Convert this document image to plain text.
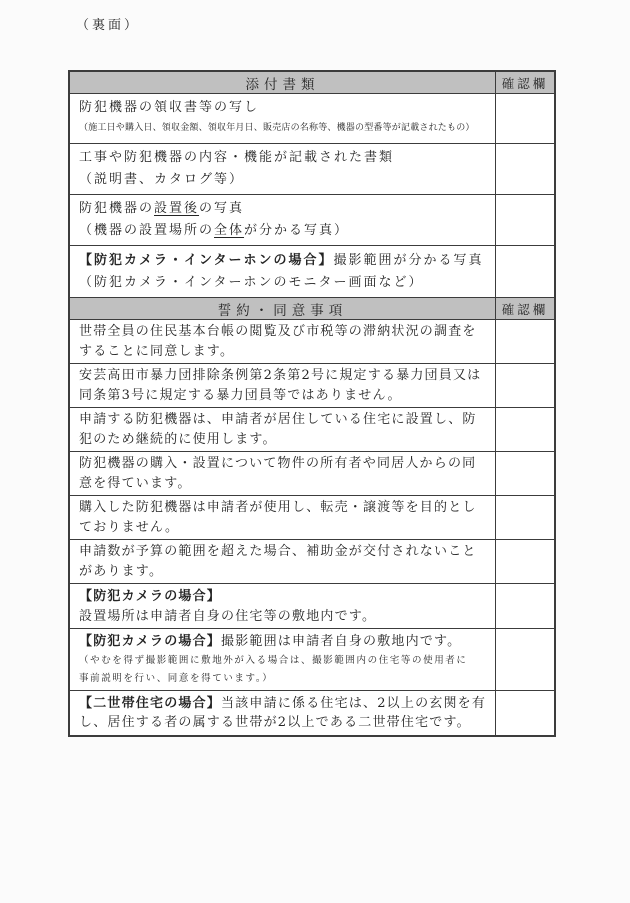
（裏面）
添付書類	確認欄
防犯機器の領収書等の写し
（施工日や購入日、領収金額、領収年月日、販売店の名称等、機器の型番等が記載されたもの）
工事や防犯機器の内容・機能が記載された書類
（説明書、カタログ等）
防犯機器の設置後の写真
（機器の設置場所の全体が分かる写真）
【防犯カメラ・インターホンの場合】撮影範囲が分かる写真
（防犯カメラ・インターホンのモニター画面など）
誓約・同意事項	確認欄
世帯全員の住民基本台帳の閲覧及び市税等の滞納状況の調査を
することに同意します。
安芸高田市暴力団排除条例第2条第2号に規定する暴力団員又は
同条第3号に規定する暴力団員等ではありません。
申請する防犯機器は、申請者が居住している住宅に設置し、防
犯のため継続的に使用します。
防犯機器の購入・設置について物件の所有者や同居人からの同
意を得ています。
購入した防犯機器は申請者が使用し、転売・譲渡等を目的とし
ておりません。
申請数が予算の範囲を超えた場合、補助金が交付されないこと
があります。
【防犯カメラの場合】
設置場所は申請者自身の住宅等の敷地内です。
【防犯カメラの場合】撮影範囲は申請者自身の敷地内です。
（やむを得ず撮影範囲に敷地外が入る場合は、撮影範囲内の住宅等の使用者に
事前説明を行い、同意を得ています。）
【二世帯住宅の場合】当該申請に係る住宅は、2以上の玄関を有
し、居住する者の属する世帯が2以上である二世帯住宅です。
